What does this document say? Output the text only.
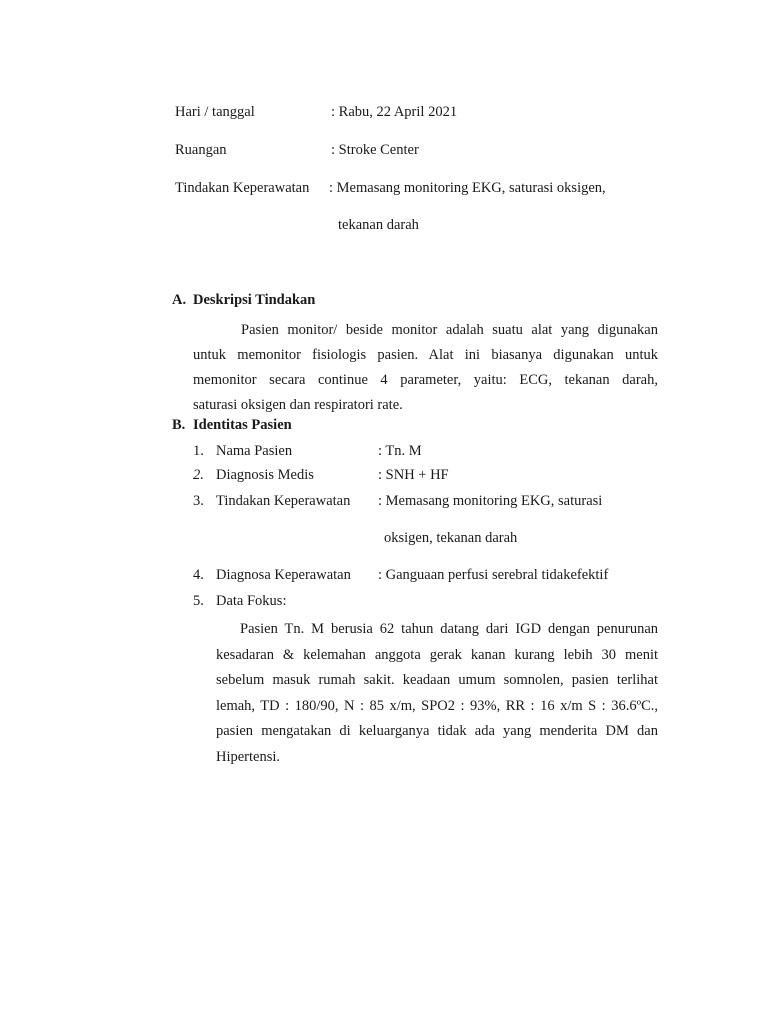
Hari / tanggal	: Rabu, 22 April 2021
Ruangan	: Stroke Center
Tindakan Keperawatan : Memasang monitoring EKG, saturasi oksigen,
tekanan darah
A. Deskripsi Tindakan
Pasien monitor/ beside monitor adalah suatu alat yang digunakan
untuk memonitor fisiologis pasien. Alat ini biasanya digunakan untuk
memonitor secara continue 4 parameter, yaitu: ECG, tekanan darah,
saturasi oksigen dan respiratori rate.
B. Identitas Pasien
1. Nama Pasien	: Tn. M
2. Diagnosis Medis	: SNH + HF
3. Tindakan Keperawatan : Memasang monitoring EKG, saturasi
oksigen, tekanan darah
4. Diagnosa Keperawatan : Ganguaan perfusi serebral tidakefektif
5. Data Fokus:
Pasien Tn. M berusia 62 tahun datang dari IGD dengan penurunan
kesadaran & kelemahan anggota gerak kanan kurang lebih 30 menit
sebelum masuk rumah sakit. keadaan umum somnolen, pasien terlihat
lemah, TD : 180/90, N : 85 x/m, SPO2 : 93%, RR : 16 x/m S : 36.6ºC.,
pasien mengatakan di keluarganya tidak ada yang menderita DM dan
Hipertensi.
